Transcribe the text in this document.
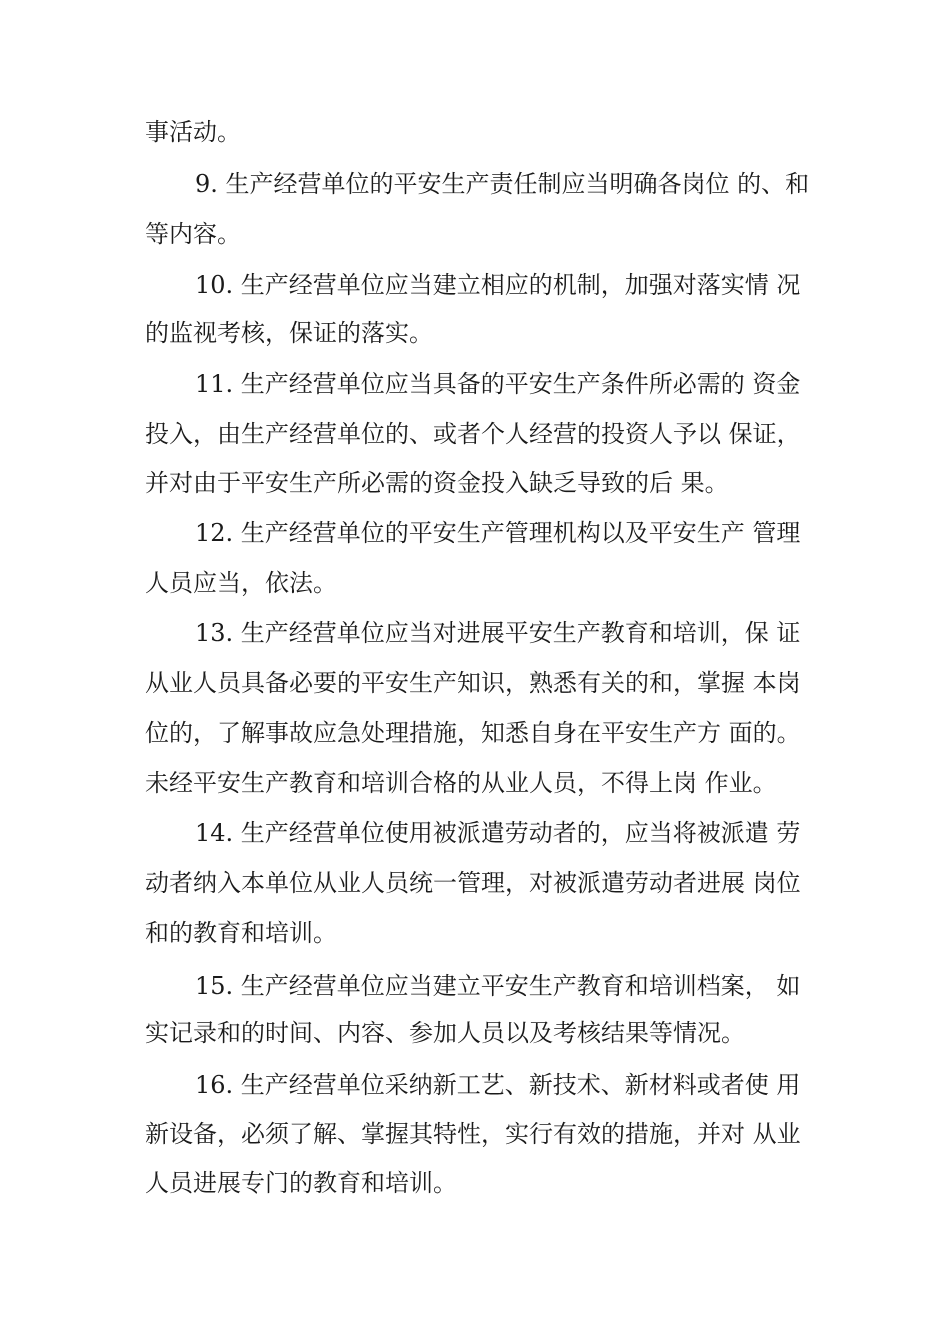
事活动。

9. 生产经营单位的平安生产责任制应当明确各岗位 的、和

等内容。

10. 生产经营单位应当建立相应的机制，加强对落实情 况

的监视考核，保证的落实。

11. 生产经营单位应当具备的平安生产条件所必需的 资金

投入，由生产经营单位的、或者个人经营的投资人予以 保证，

并对由于平安生产所必需的资金投入缺乏导致的后 果。

12. 生产经营单位的平安生产管理机构以及平安生产 管理

人员应当，依法。

13. 生产经营单位应当对进展平安生产教育和培训，保 证

从业人员具备必要的平安生产知识，熟悉有关的和，掌握 本岗

位的，了解事故应急处理措施，知悉自身在平安生产方 面的。

未经平安生产教育和培训合格的从业人员，不得上岗 作业。

14. 生产经营单位使用被派遣劳动者的，应当将被派遣 劳

动者纳入本单位从业人员统一管理，对被派遣劳动者进展 岗位

和的教育和培训。

15. 生产经营单位应当建立平安生产教育和培训档案， 如

实记录和的时间、内容、参加人员以及考核结果等情况。

16. 生产经营单位采纳新工艺、新技术、新材料或者使 用

新设备，必须了解、掌握其特性，实行有效的措施，并对 从业

人员进展专门的教育和培训。
